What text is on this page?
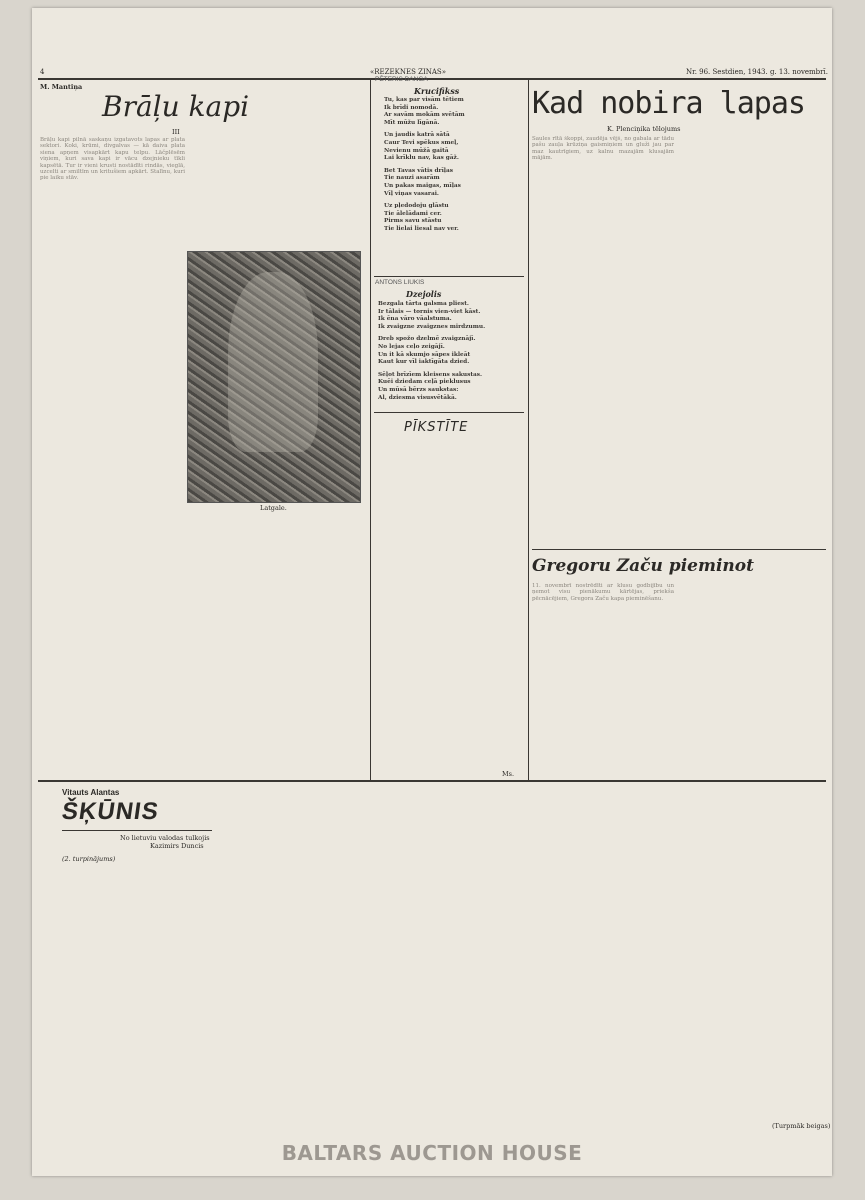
4	«REZEKNES ZINAS»	Nr. 96. Sestdien, 1943. g. 13. novembrī.
M. Mantiņa
Brāļu kapi
III
Brāļu kapi pilnā saskaņu izgatavots lapas ar plata sektori. Koki, krūmi, divgalvas — kā daiva plata siena apņem visapkārt kapu telpu. Lāčplēsēm viņiem, kuri sava kapi ir vācu dzejnieku tīkli kapsētā. Tur ir vieni krusti nostādīti rindās, vieglā, uzcelti ar smiltīm un kritušiem apkārt. Stalīnu, kuri pie laiku stāv.
Latgale.
PĒTERIS DANGA
Krucifikss
Tu, kas par visām tētiem
Ik brīdi nomodā.
Ar savām mokām svētām
Mīt mūžu līgānā.
Un jaudis katrā sātā
Caur Tevi spēkus smeļ,
Nevienu mūžā gaitā
Lai krīklu nav, kas gāž.
Bet Tavas vātis drīļas
Tie nauzi asarām
Un pakas maigas, mīļas
Vīļ viņas vasarai.
Uz pļedodoju glāstu
Tie ālelādami cer.
Pirms savu stāstu
Tie lielai liesal nav ver.
ANTONS LIUKIS
Dzejolis
Bezgala tārta galsma pliest.
Ir tālais — tornis vien-viet kāst.
Ik ēna vāro vāalstuma.
Ik zvaigzne zvaigznes mirdzumu.
Dreb spožo dzelmē zvaigznājī.
No lejas ceļo zeigājī.
Un it kā skumjo sāpes ikleāt
Kaut kur vīl iaktīgāta dzied.
Sēļot brīzīem kleisens sakustas.
Kuēi dziedam ceļā pieklusus
Un mūsā bērzs saukstas:
Al, dziesma visusvētākā.
PĪKSTĪTE
Ms.
Kad nobira lapas
K. Plenciņika tēlojums
Saules rītā škoppi, zaudēja vējš, no gabala ar tādu pašu zauļa krūziņa gaismiņiem un gluži jau par maz kautrīgiem, uz kalnu mazajām klusajām mājām.
Gregoru Začu pieminot
11. novembrī nostrēdīti ar klusu godbijību un ņemot visu pienākumu kārtējas, priekša pēcnācējiem, Gregora Začu kapa pieminēšanu.
Vitauts Alantas
ŠĶŪNIS
No lietuviu valodas tulkojis
Kazimirs Duncis
(2. turpinājums)
(Turpmāk beigas)
BALTARS AUCTION HOUSE
